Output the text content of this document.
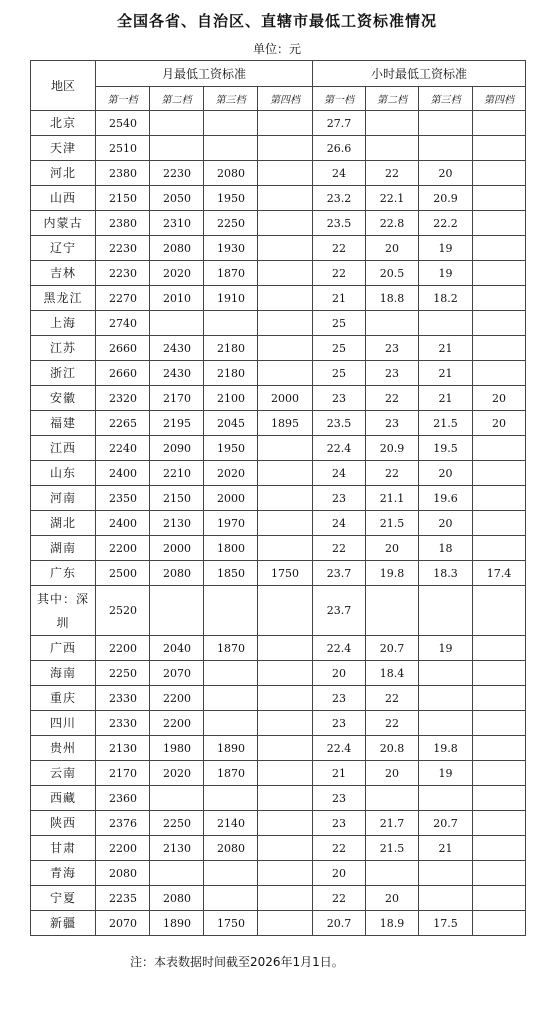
全国各省、自治区、直辖市最低工资标准情况
单位：元
地区	月最低工资标准				小时最低工资标准			
	第一档	第二档	第三档	第四档	第一档	第二档	第三档	第四档
北京	2540				27.7			
天津	2510				26.6			
河北	2380	2230	2080		24	22	20	
山西	2150	2050	1950		23.2	22.1	20.9	
内蒙古	2380	2310	2250		23.5	22.8	22.2	
辽宁	2230	2080	1930		22	20	19	
吉林	2230	2020	1870		22	20.5	19	
黑龙江	2270	2010	1910		21	18.8	18.2	
上海	2740				25			
江苏	2660	2430	2180		25	23	21	
浙江	2660	2430	2180		25	23	21	
安徽	2320	2170	2100	2000	23	22	21	20
福建	2265	2195	2045	1895	23.5	23	21.5	20
江西	2240	2090	1950		22.4	20.9	19.5	
山东	2400	2210	2020		24	22	20	
河南	2350	2150	2000		23	21.1	19.6	
湖北	2400	2130	1970		24	21.5	20	
湖南	2200	2000	1800		22	20	18	
广东	2500	2080	1850	1750	23.7	19.8	18.3	17.4
其中：深圳	2520				23.7			
广西	2200	2040	1870		22.4	20.7	19	
海南	2250	2070			20	18.4		
重庆	2330	2200			23	22		
四川	2330	2200			23	22		
贵州	2130	1980	1890		22.4	20.8	19.8	
云南	2170	2020	1870		21	20	19	
西藏	2360				23			
陕西	2376	2250	2140		23	21.7	20.7	
甘肃	2200	2130	2080		22	21.5	21	
青海	2080				20			
宁夏	2235	2080			22	20		
新疆	2070	1890	1750		20.7	18.9	17.5	
注：本表数据时间截至2026年1月1日。
